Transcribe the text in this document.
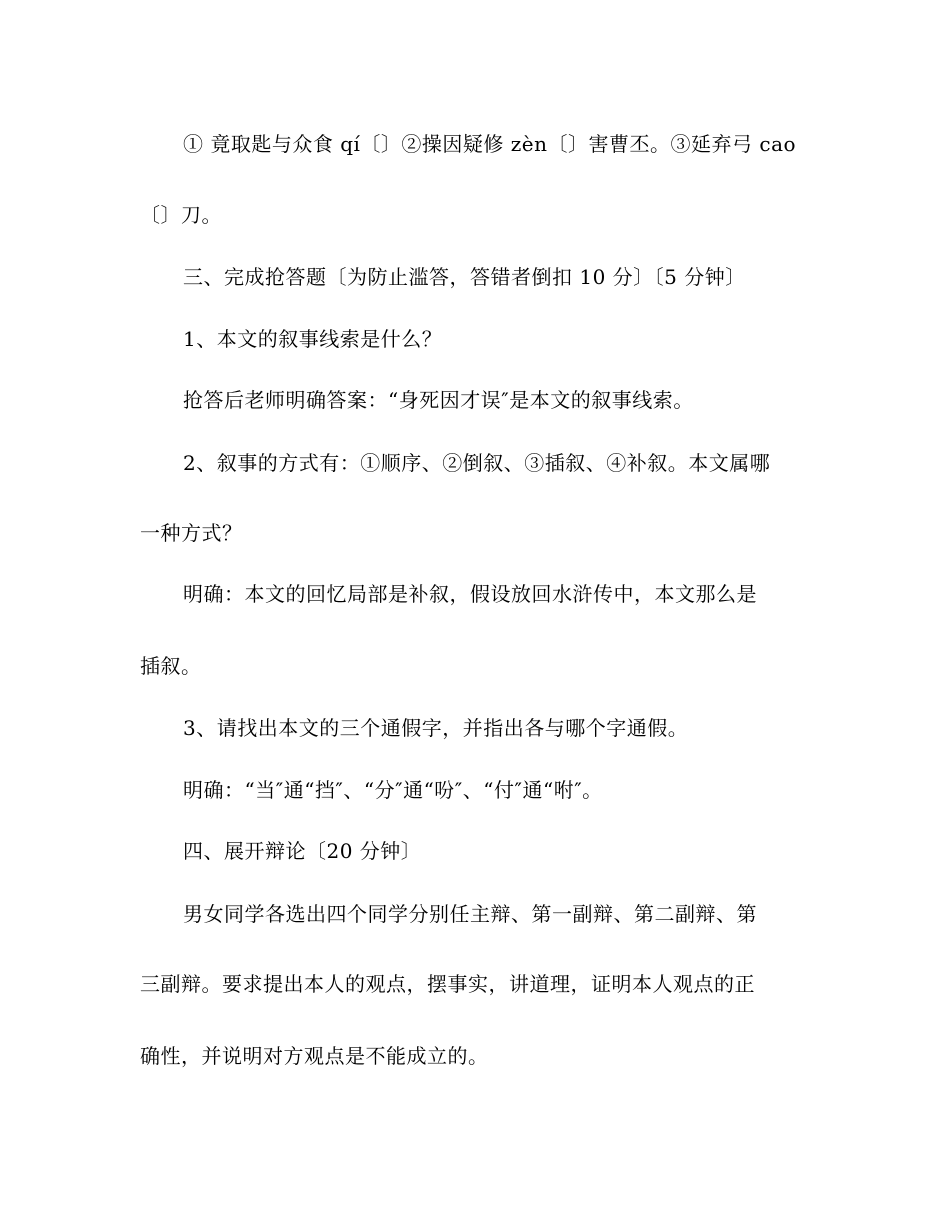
① 竟取匙与众食 qí〔〕②操因疑修 zèn〔〕害曹丕。③延弃弓 cao
〔〕刀。
三、完成抢答题〔为防止滥答，答错者倒扣 10 分〕〔5 分钟〕
1、本文的叙事线索是什么？
抢答后老师明确答案：“身死因才误″是本文的叙事线索。
2、叙事的方式有：①顺序、②倒叙、③插叙、④补叙。本文属哪
一种方式？
明确：本文的回忆局部是补叙，假设放回水浒传中，本文那么是
插叙。
3、请找出本文的三个通假字，并指出各与哪个字通假。
明确：“当″通“挡″、“分″通“吩″、“付″通“咐″。
四、展开辩论〔20 分钟〕
男女同学各选出四个同学分别任主辩、第一副辩、第二副辩、第
三副辩。要求提出本人的观点，摆事实，讲道理，证明本人观点的正
确性，并说明对方观点是不能成立的。
